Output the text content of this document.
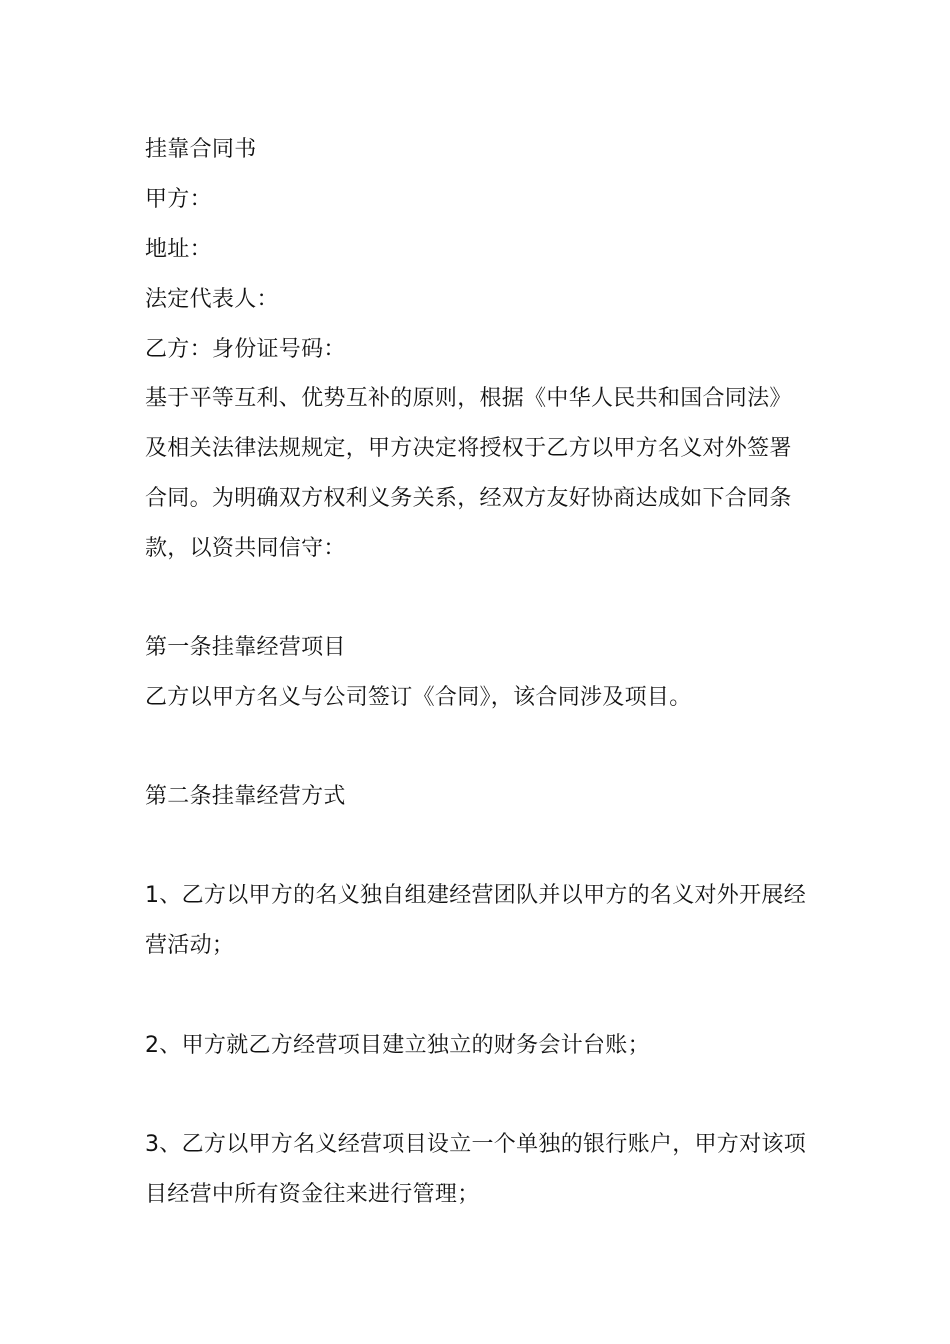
挂靠合同书
甲方：
地址：
法定代表人：
乙方：身份证号码：
基于平等互利、优势互补的原则，根据《中华人民共和国合同法》
及相关法律法规规定，甲方决定将授权于乙方以甲方名义对外签署
合同。为明确双方权利义务关系，经双方友好协商达成如下合同条
款，以资共同信守：
第一条挂靠经营项目
乙方以甲方名义与公司签订《合同》，该合同涉及项目。
第二条挂靠经营方式
1、乙方以甲方的名义独自组建经营团队并以甲方的名义对外开展经
营活动；
2、甲方就乙方经营项目建立独立的财务会计台账；
3、乙方以甲方名义经营项目设立一个单独的银行账户，甲方对该项
目经营中所有资金往来进行管理；
